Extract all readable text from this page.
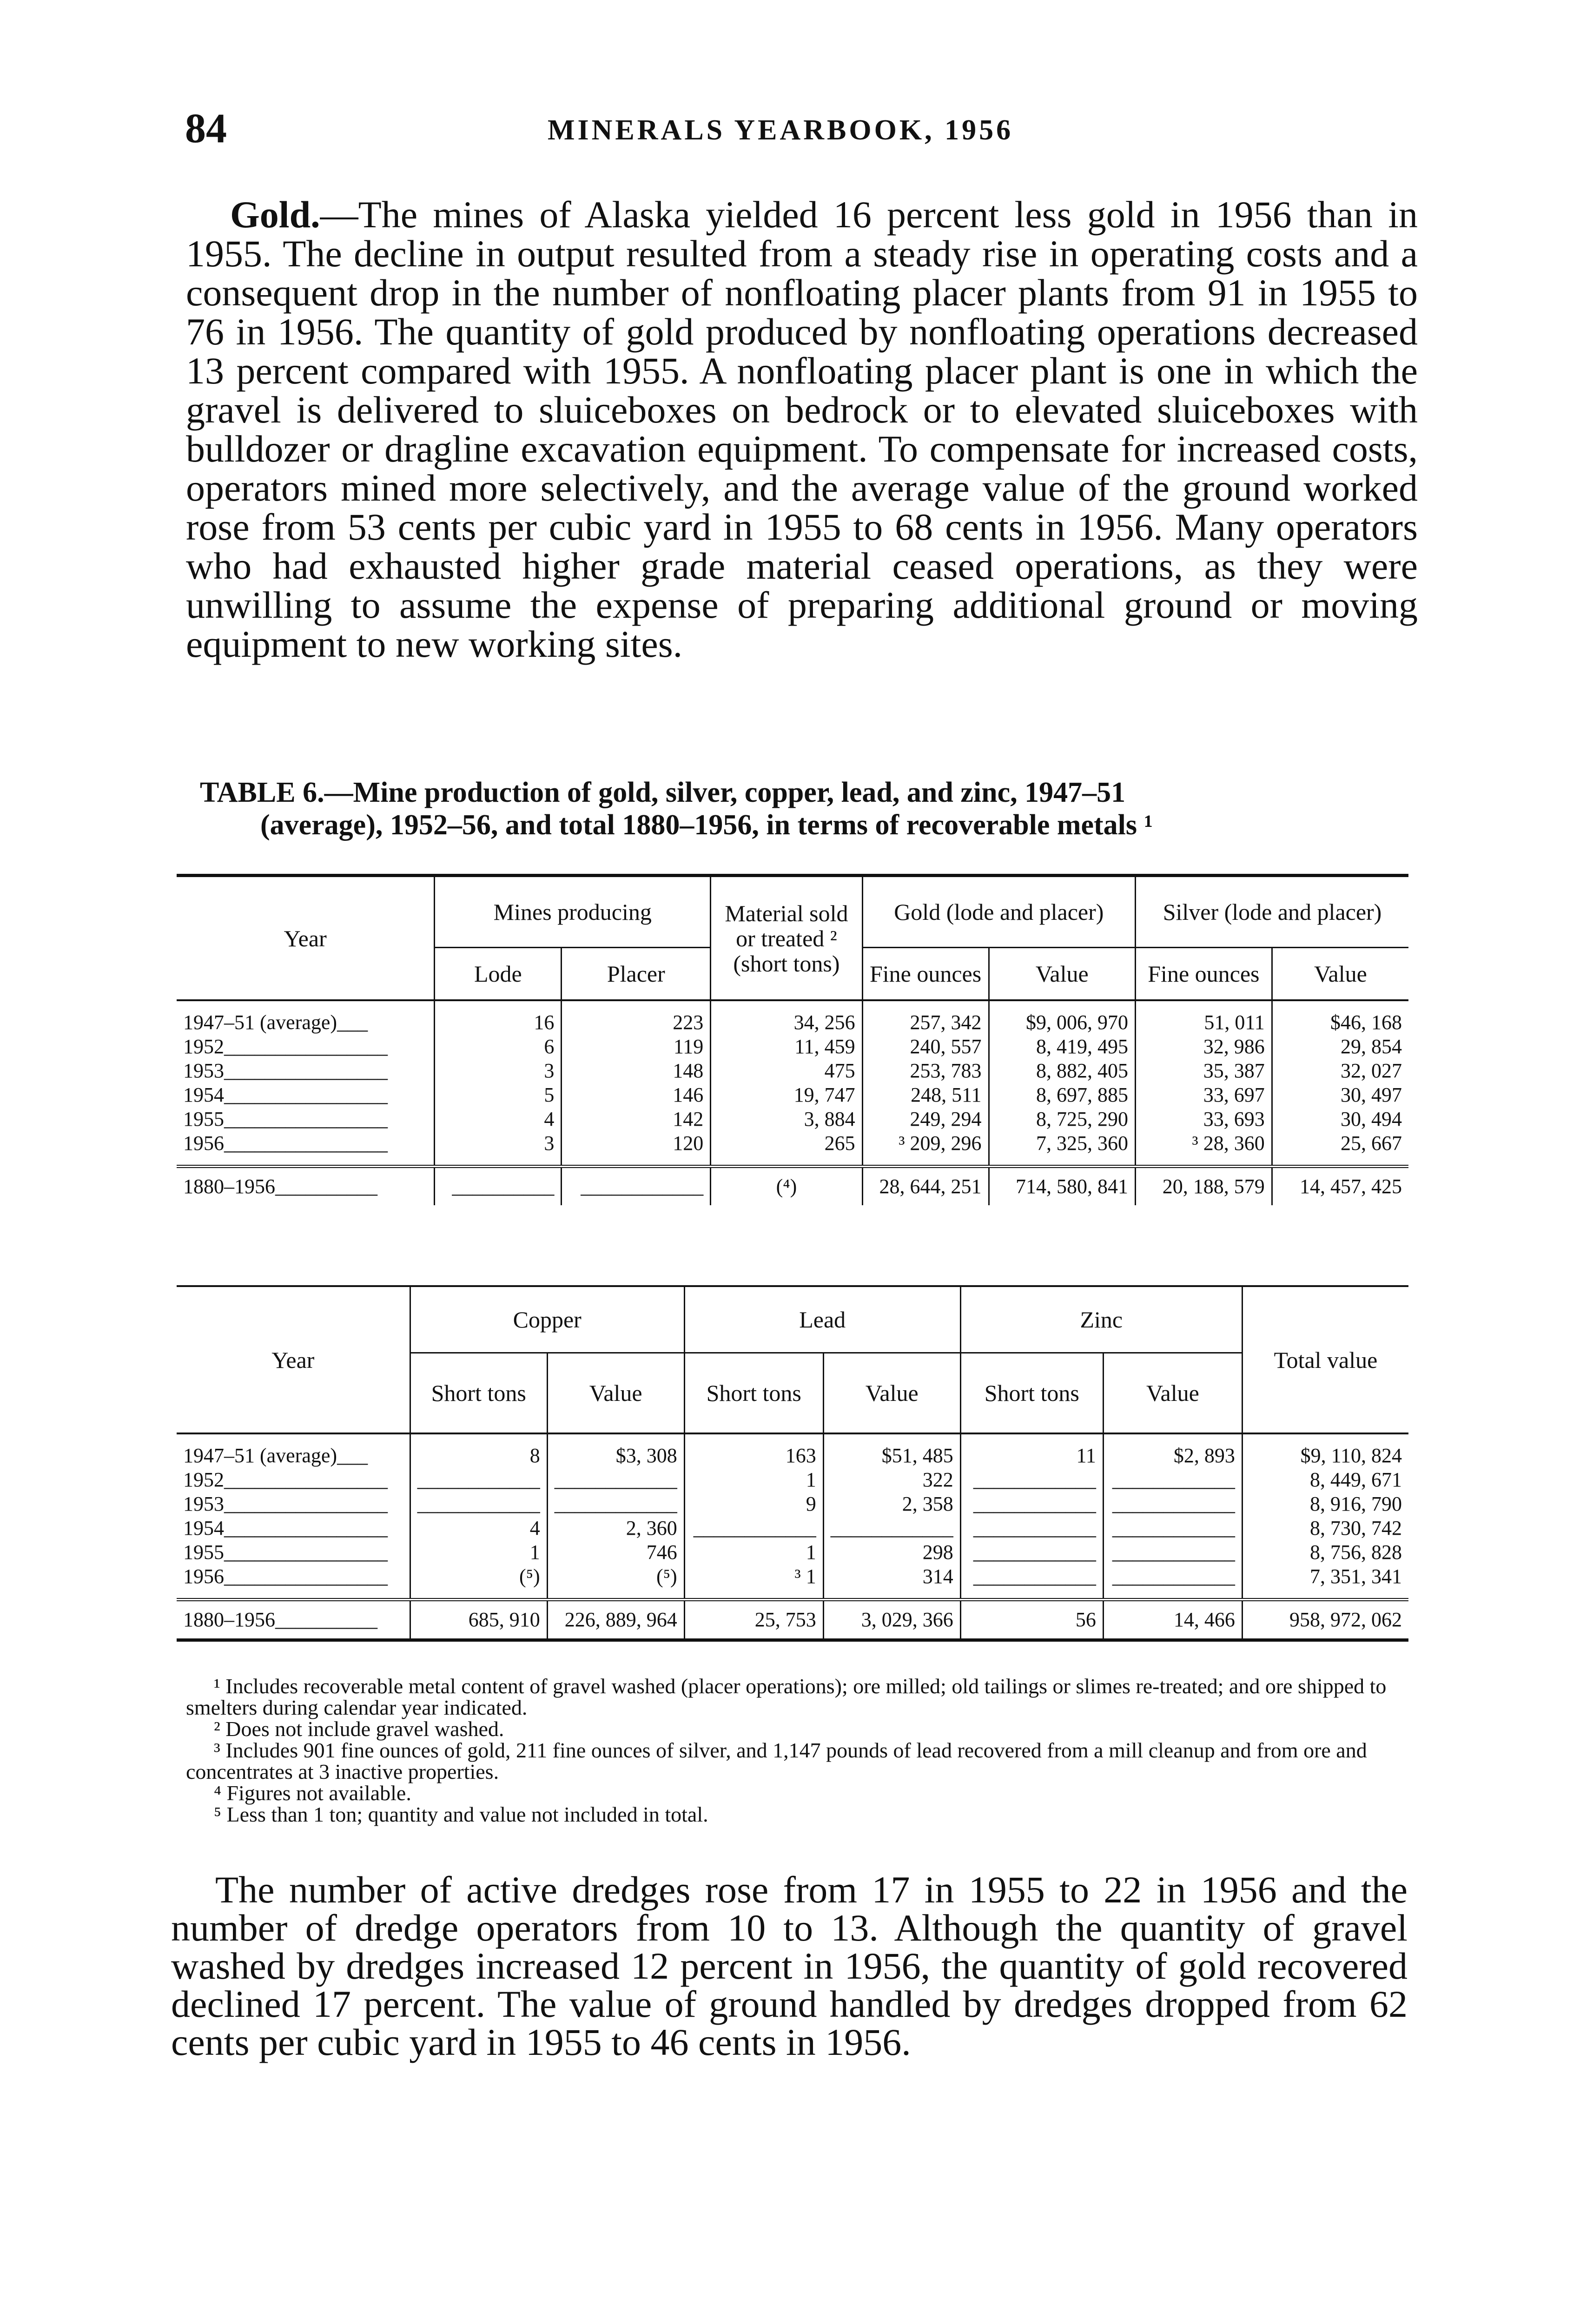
84	MINERALS YEARBOOK, 1956

Gold.—The mines of Alaska yielded 16 percent less gold in 1956 than in 1955. The decline in output resulted from a steady rise in operating costs and a consequent drop in the number of nonfloating placer plants from 91 in 1955 to 76 in 1956. The quantity of gold produced by nonfloating operations decreased 13 percent compared with 1955. A nonfloating placer plant is one in which the gravel is delivered to sluiceboxes on bedrock or to elevated sluiceboxes with bulldozer or dragline excavation equipment. To compensate for increased costs, operators mined more selectively, and the average value of the ground worked rose from 53 cents per cubic yard in 1955 to 68 cents in 1956. Many operators who had exhausted higher grade material ceased operations, as they were unwilling to assume the expense of preparing additional ground or moving equipment to new working sites.

TABLE 6.—Mine production of gold, silver, copper, lead, and zinc, 1947–51
(average), 1952–56, and total 1880–1956, in terms of recoverable metals ¹

Year	Mines producing		Material sold or treated ² (short tons)	Gold (lode and placer)		Silver (lode and placer)	
	Lode	Placer		Fine ounces	Value	Fine ounces	Value
1947–51 (average)___	16	223	34, 256	257, 342	$9, 006, 970	51, 011	$46, 168
1952________________	6	119	11, 459	240, 557	8, 419, 495	32, 986	29, 854
1953________________	3	148	475	253, 783	8, 882, 405	35, 387	32, 027
1954________________	5	146	19, 747	248, 511	8, 697, 885	33, 697	30, 497
1955________________	4	142	3, 884	249, 294	8, 725, 290	33, 693	30, 494
1956________________	3	120	265	³ 209, 296	7, 325, 360	³ 28, 360	25, 667
1880–1956__________	__________	____________	(⁴)	28, 644, 251	714, 580, 841	20, 188, 579	14, 457, 425
Year	Copper		Lead		Zinc		Total value
	Short tons	Value	Short tons	Value	Short tons	Value	
1947–51 (average)___	8	$3, 308	163	$51, 485	11	$2, 893	$9, 110, 824
1952________________	____________	____________	1	322	____________	____________	8, 449, 671
1953________________	____________	____________	9	2, 358	____________	____________	8, 916, 790
1954________________	4	2, 360	____________	____________	____________	____________	8, 730, 742
1955________________	1	746	1	298	____________	____________	8, 756, 828
1956________________	(⁵)	(⁵)	³ 1	314	____________	____________	7, 351, 341
1880–1956__________	685, 910	226, 889, 964	25, 753	3, 029, 366	56	14, 466	958, 972, 062
¹ Includes recoverable metal content of gravel washed (placer operations); ore milled; old tailings or slimes re-treated; and ore shipped to smelters during calendar year indicated.
² Does not include gravel washed.
³ Includes 901 fine ounces of gold, 211 fine ounces of silver, and 1,147 pounds of lead recovered from a mill cleanup and from ore and concentrates at 3 inactive properties.
⁴ Figures not available.
⁵ Less than 1 ton; quantity and value not included in total.

The number of active dredges rose from 17 in 1955 to 22 in 1956 and the number of dredge operators from 10 to 13. Although the quantity of gravel washed by dredges increased 12 percent in 1956, the quantity of gold recovered declined 17 percent. The value of ground handled by dredges dropped from 62 cents per cubic yard in 1955 to 46 cents in 1956.
